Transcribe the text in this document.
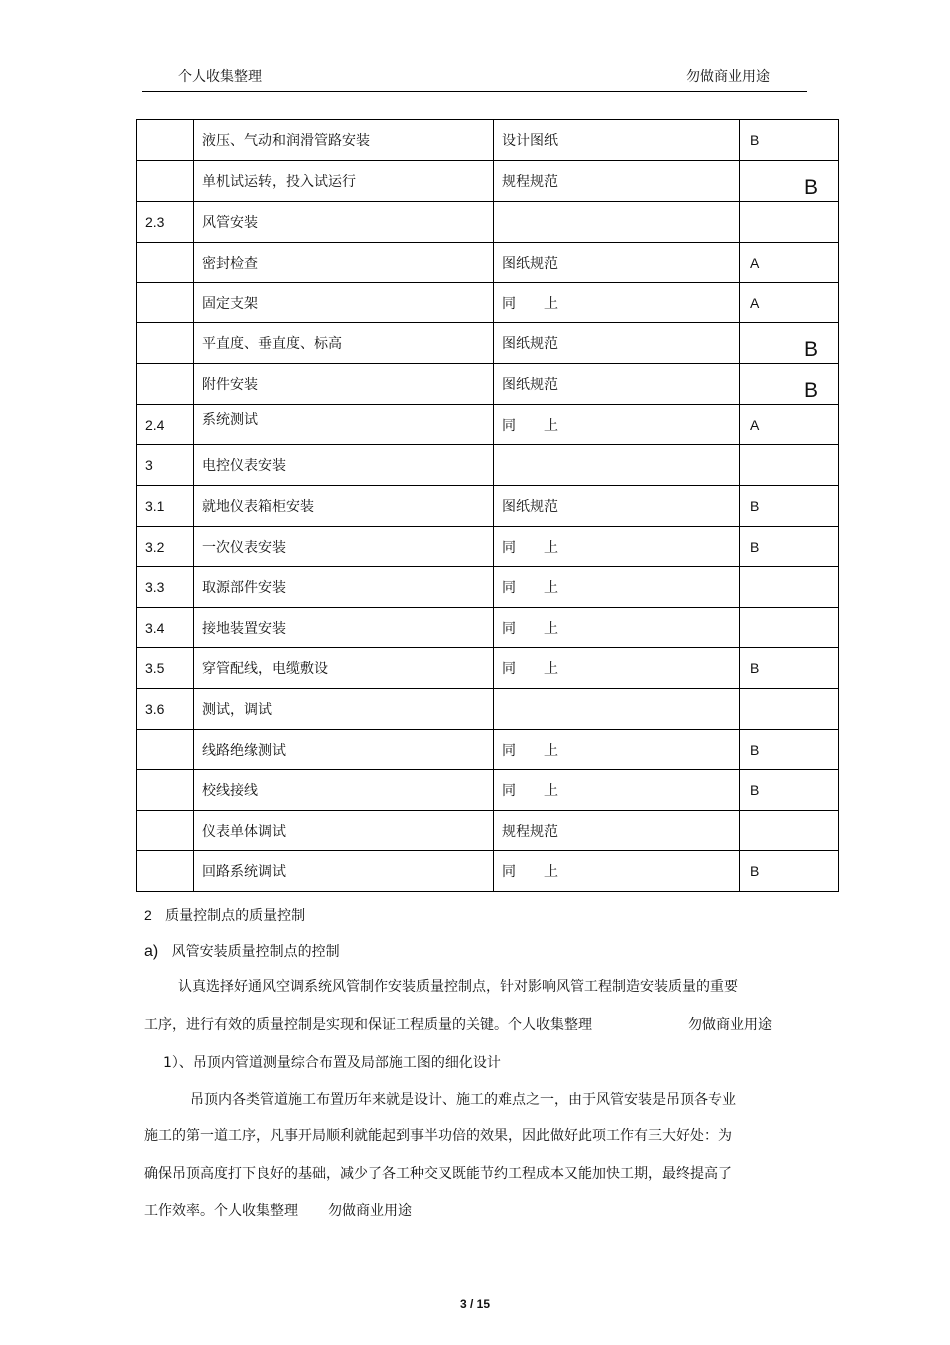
个人收集整理	勿做商业用途
	液压、气动和润滑管路安装	设计图纸	B
	单机试运转，投入试运行	规程规范	B
2.3	风管安装		
	密封检查	图纸规范	A
	固定支架	同　　上	A
	平直度、垂直度、标高	图纸规范	B
	附件安装	图纸规范	B
2.4	系统测试	同　　上	A
3	电控仪表安装		
3.1	就地仪表箱柜安装	图纸规范	B
3.2	一次仪表安装	同　　上	B
3.3	取源部件安装	同　　上	
3.4	接地装置安装	同　　上	
3.5	穿管配线，电缆敷设	同　　上	B
3.6	测试，调试		
	线路绝缘测试	同　　上	B
	校线接线	同　　上	B
	仪表单体调试	规程规范	
	回路系统调试	同　　上	B
2 质量控制点的质量控制
a) 风管安装质量控制点的控制
认真选择好通风空调系统风管制作安装质量控制点，针对影响风管工程制造安装质量的重要
工序，进行有效的质量控制是实现和保证工程质量的关键。个人收集整理	勿做商业用途
1）、吊顶内管道测量综合布置及局部施工图的细化设计
吊顶内各类管道施工布置历年来就是设计、施工的难点之一，由于风管安装是吊顶各专业
施工的第一道工序，凡事开局顺利就能起到事半功倍的效果，因此做好此项工作有三大好处：为
确保吊顶高度打下良好的基础，减少了各工种交叉既能节约工程成本又能加快工期，最终提高了
工作效率。个人收集整理 勿做商业用途
3 / 15
